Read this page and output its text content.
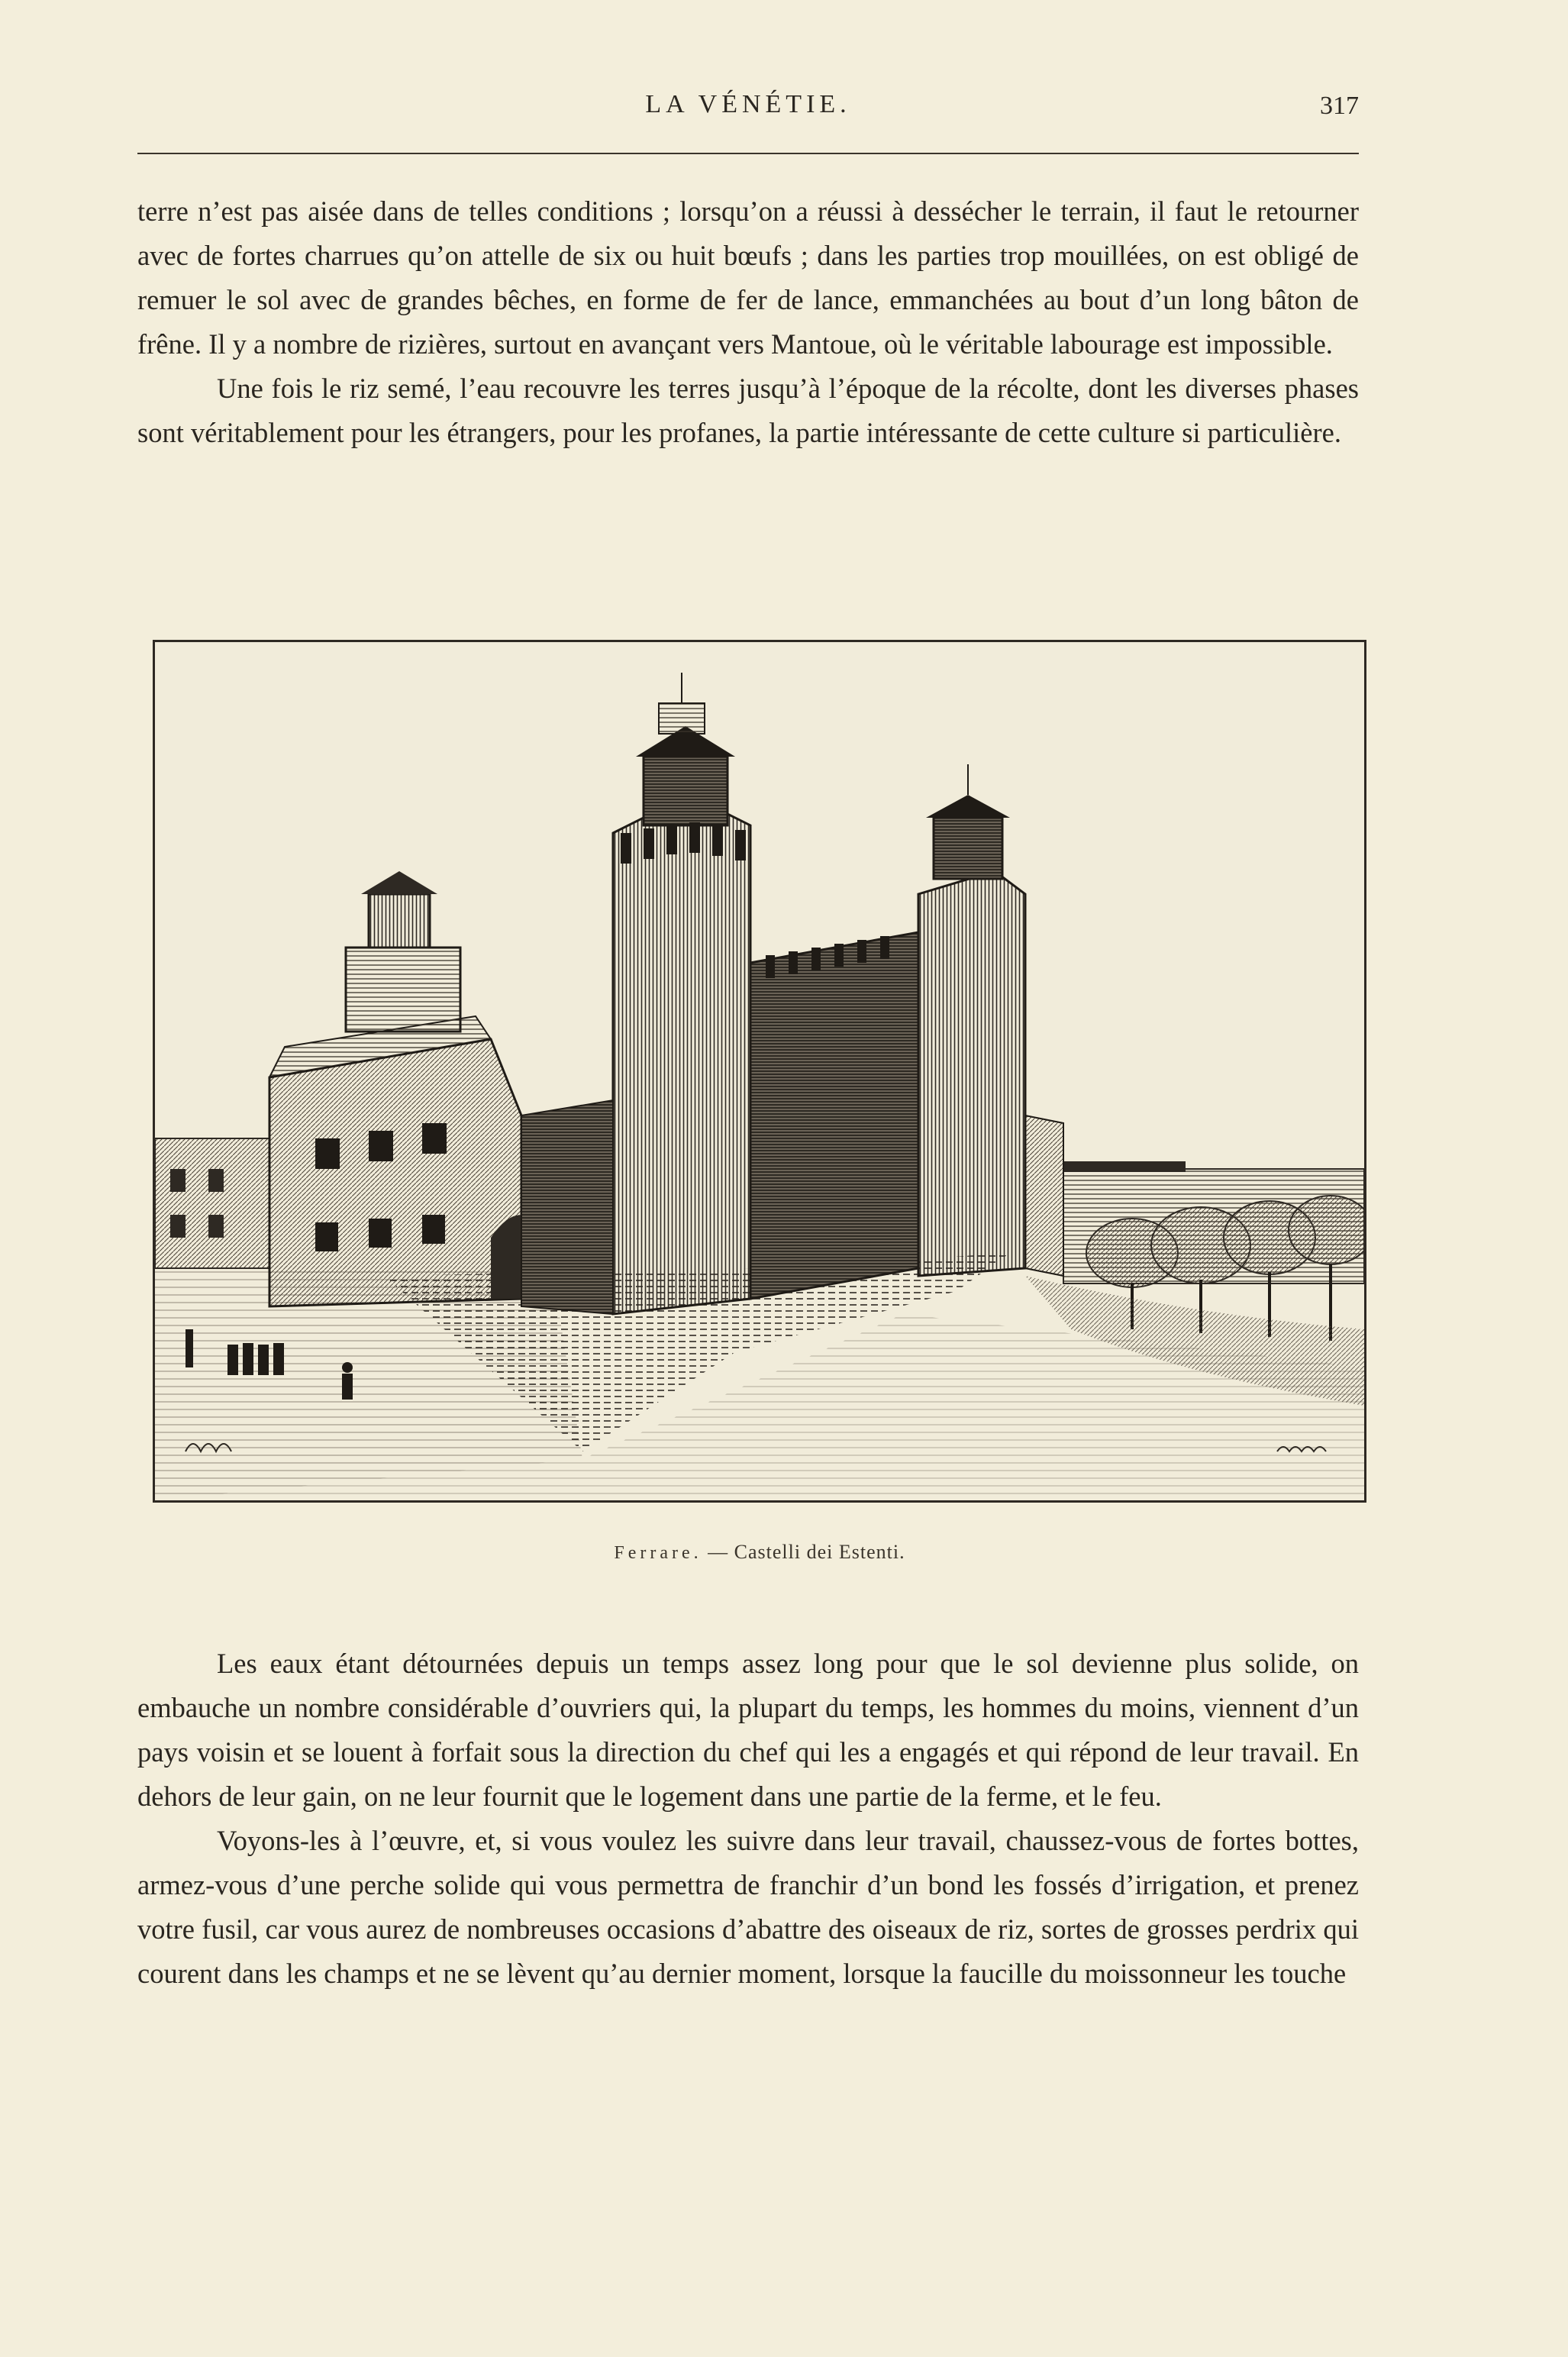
LA VÉNÉTIE.	317

terre n’est pas aisée dans de telles conditions ; lorsqu’on a réussi à dessécher le terrain, il faut le retourner avec de fortes charrues qu’on attelle de six ou huit bœufs ; dans les parties trop mouillées, on est obligé de remuer le sol avec de grandes bêches, en forme de fer de lance, emmanchées au bout d’un long bâton de frêne. Il y a nombre de rizières, surtout en avançant vers Mantoue, où le véritable labourage est impossible.

Une fois le riz semé, l’eau recouvre les terres jusqu’à l’époque de la récolte, dont les diverses phases sont véritablement pour les étrangers, pour les profanes, la partie intéressante de cette culture si particulière.

Ferrare. — Castelli dei Estenti.

Les eaux étant détournées depuis un temps assez long pour que le sol devienne plus solide, on embauche un nombre considérable d’ouvriers qui, la plupart du temps, les hommes du moins, viennent d’un pays voisin et se louent à forfait sous la direction du chef qui les a engagés et qui répond de leur travail. En dehors de leur gain, on ne leur fournit que le logement dans une partie de la ferme, et le feu.

Voyons-les à l’œuvre, et, si vous voulez les suivre dans leur travail, chaussez-vous de fortes bottes, armez-vous d’une perche solide qui vous permettra de franchir d’un bond les fossés d’irrigation, et prenez votre fusil, car vous aurez de nombreuses occasions d’abattre des oiseaux de riz, sortes de grosses perdrix qui courent dans les champs et ne se lèvent qu’au dernier moment, lorsque la faucille du moissonneur les touche
